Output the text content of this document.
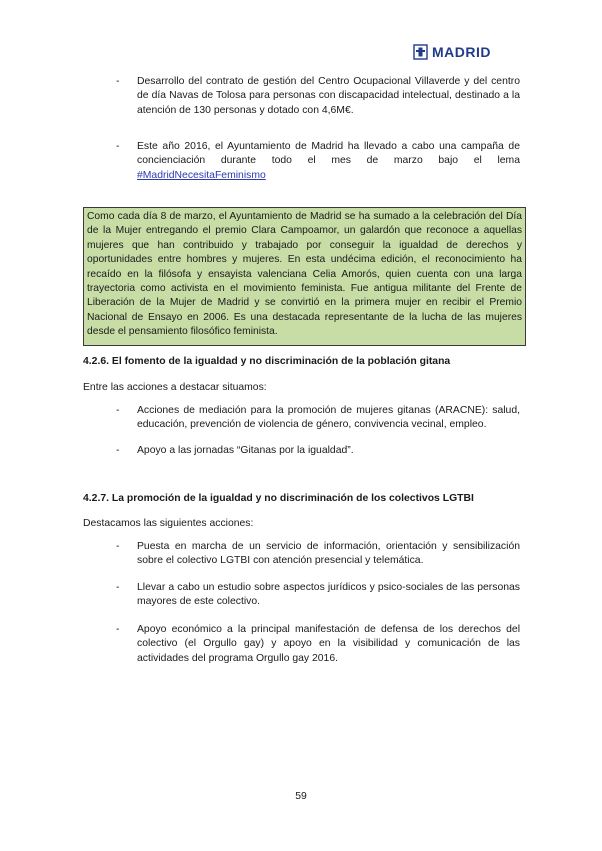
MADRID
- Desarrollo del contrato de gestión del Centro Ocupacional Villaverde y del centro de día Navas de Tolosa para personas con discapacidad intelectual, destinado a la atención de 130 personas y dotado con 4,6M€.
- Este año 2016, el Ayuntamiento de Madrid ha llevado a cabo una campaña de concienciación durante todo el mes de marzo bajo el lema
#MadridNecesitaFeminismo
Como cada día 8 de marzo, el Ayuntamiento de Madrid se ha sumado a la celebración del Día de la Mujer entregando el premio Clara Campoamor, un galardón que reconoce a aquellas mujeres que han contribuido y trabajado por conseguir la igualdad de derechos y oportunidades entre hombres y mujeres. En esta undécima edición, el reconocimiento ha recaído en la filósofa y ensayista valenciana Celia Amorós, quien cuenta con una larga trayectoria como activista en el movimiento feminista. Fue antigua militante del Frente de Liberación de la Mujer de Madrid y se convirtió en la primera mujer en recibir el Premio Nacional de Ensayo en 2006. Es una destacada representante de la lucha de las mujeres desde el pensamiento filosófico feminista.
4.2.6. El fomento de la igualdad y no discriminación de la población gitana
Entre las acciones a destacar situamos:
- Acciones de mediación para la promoción de mujeres gitanas (ARACNE): salud, educación, prevención de violencia de género, convivencia vecinal, empleo.
- Apoyo a las jornadas “Gitanas por la igualdad”.
4.2.7. La promoción de la igualdad y no discriminación de los colectivos LGTBI
Destacamos las siguientes acciones:
- Puesta en marcha de un servicio de información, orientación y sensibilización sobre el colectivo LGTBI con atención presencial y telemática.
- Llevar a cabo un estudio sobre aspectos jurídicos y psico-sociales de las personas mayores de este colectivo.
- Apoyo económico a la principal manifestación de defensa de los derechos del colectivo (el Orgullo gay) y apoyo en la visibilidad y comunicación de las actividades del programa Orgullo gay 2016.
59
